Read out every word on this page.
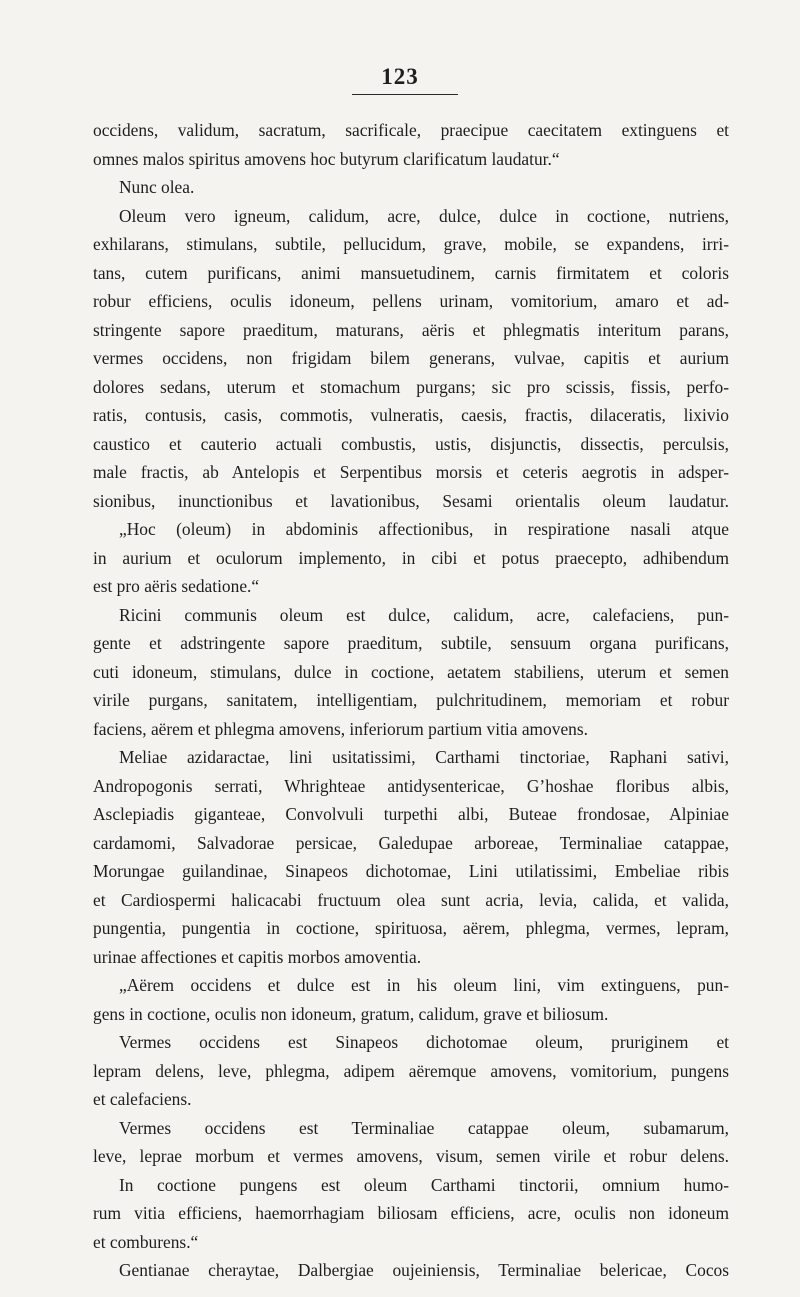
123
occidens, validum, sacratum, sacrificale, praecipue caecitatem extinguens et
omnes malos spiritus amovens hoc butyrum clarificatum laudatur.“
Nunc olea.
Oleum vero igneum, calidum, acre, dulce, dulce in coctione, nutriens,
exhilarans, stimulans, subtile, pellucidum, grave, mobile, se expandens, irri-
tans, cutem purificans, animi mansuetudinem, carnis firmitatem et coloris
robur efficiens, oculis idoneum, pellens urinam, vomitorium, amaro et ad-
stringente sapore praeditum, maturans, aëris et phlegmatis interitum parans,
vermes occidens, non frigidam bilem generans, vulvae, capitis et aurium
dolores sedans, uterum et stomachum purgans; sic pro scissis, fissis, perfo-
ratis, contusis, casis, commotis, vulneratis, caesis, fractis, dilaceratis, lixivio
caustico et cauterio actuali combustis, ustis, disjunctis, dissectis, perculsis,
male fractis, ab Antelopis et Serpentibus morsis et ceteris aegrotis in adsper-
sionibus, inunctionibus et lavationibus, Sesami orientalis oleum laudatur.
„Hoc (oleum) in abdominis affectionibus, in respiratione nasali atque
in aurium et oculorum implemento, in cibi et potus praecepto, adhibendum
est pro aëris sedatione.“
Ricini communis oleum est dulce, calidum, acre, calefaciens, pun-
gente et adstringente sapore praeditum, subtile, sensuum organa purificans,
cuti idoneum, stimulans, dulce in coctione, aetatem stabiliens, uterum et semen
virile purgans, sanitatem, intelligentiam, pulchritudinem, memoriam et robur
faciens, aërem et phlegma amovens, inferiorum partium vitia amovens.
Meliae azidaractae, lini usitatissimi, Carthami tinctoriae, Raphani sativi,
Andropogonis serrati, Whrighteae antidysentericae, G’hoshae floribus albis,
Asclepiadis giganteae, Convolvuli turpethi albi, Buteae frondosae, Alpiniae
cardamomi, Salvadorae persicae, Galedupae arboreae, Terminaliae catappae,
Morungae guilandinae, Sinapeos dichotomae, Lini utilatissimi, Embeliae ribis
et Cardiospermi halicacabi fructuum olea sunt acria, levia, calida, et valida,
pungentia, pungentia in coctione, spirituosa, aërem, phlegma, vermes, lepram,
urinae affectiones et capitis morbos amoventia.
„Aërem occidens et dulce est in his oleum lini, vim extinguens, pun-
gens in coctione, oculis non idoneum, gratum, calidum, grave et biliosum.
Vermes occidens est Sinapeos dichotomae oleum, pruriginem et
lepram delens, leve, phlegma, adipem aëremque amovens, vomitorium, pungens
et calefaciens.
Vermes occidens est Terminaliae catappae oleum, subamarum,
leve, leprae morbum et vermes amovens, visum, semen virile et robur delens.
In coctione pungens est oleum Carthami tinctorii, omnium humo-
rum vitia efficiens, haemorrhagiam biliosam efficiens, acre, oculis non idoneum
et comburens.“
Gentianae cheraytae, Dalbergiae oujeiniensis, Terminaliae belericae, Cocos
